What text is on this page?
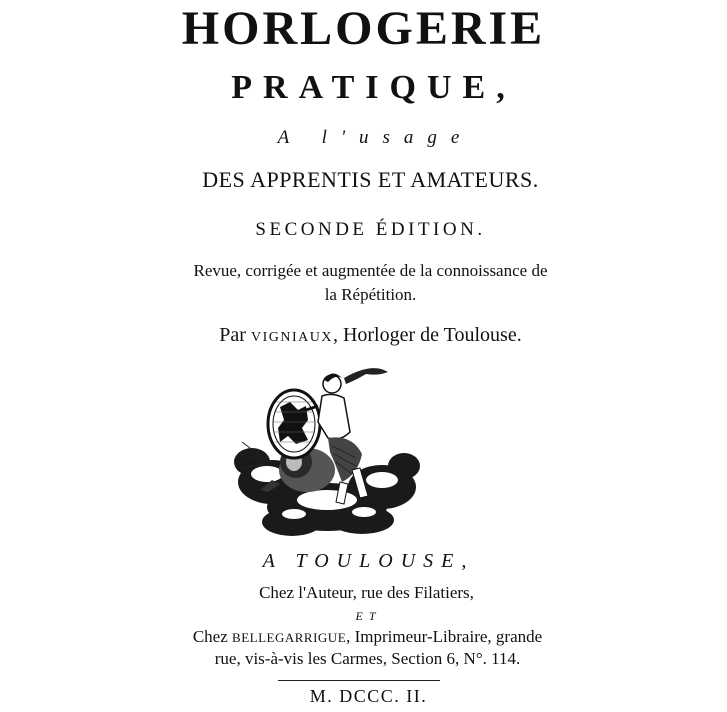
HORLOGERIE
PRATIQUE,
A l'usage
DES APPRENTIS ET AMATEURS.
SECONDE ÉDITION.
Revue, corrigée et augmentée de la connoissance de
la Répétition.
Par VIGNIAUX, Horloger de Toulouse.
A TOULOUSE,
Chez l'Auteur, rue des Filatiers,
ET
Chez BELLEGARRIGUE, Imprimeur-Libraire, grande
rue, vis-à-vis les Carmes, Section 6, N°. 114.
M. DCCC. II.
